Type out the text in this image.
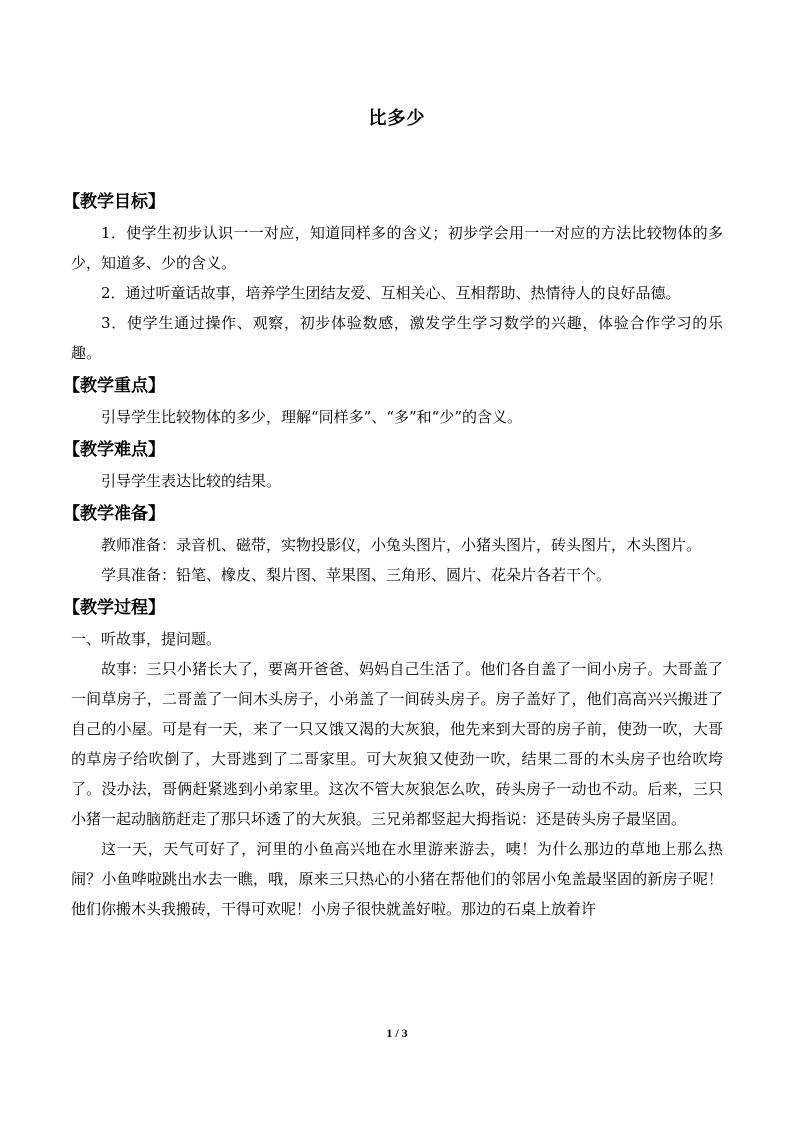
比多少
【教学目标】

1．使学生初步认识一一对应，知道同样多的含义；初步学会用一一对应的方法比较物体的多少，知道多、少的含义。

2．通过听童话故事，培养学生团结友爱、互相关心、互相帮助、热情待人的良好品德。

3．使学生通过操作、观察，初步体验数感，激发学生学习数学的兴趣，体验合作学习的乐趣。

【教学重点】

引导学生比较物体的多少，理解“同样多”、“多”和“少”的含义。

【教学难点】

引导学生表达比较的结果。

【教学准备】

教师准备：录音机、磁带，实物投影仪，小兔头图片，小猪头图片，砖头图片，木头图片。

学具准备：铅笔、橡皮、梨片图、苹果图、三角形、圆片、花朵片各若干个。

【教学过程】

一、听故事，提问题。

故事：三只小猪长大了，要离开爸爸、妈妈自己生活了。他们各自盖了一间小房子。大哥盖了一间草房子，二哥盖了一间木头房子，小弟盖了一间砖头房子。房子盖好了，他们高高兴兴搬进了自己的小屋。可是有一天，来了一只又饿又渴的大灰狼，他先来到大哥的房子前，使劲一吹，大哥的草房子给吹倒了，大哥逃到了二哥家里。可大灰狼又使劲一吹，结果二哥的木头房子也给吹垮了。没办法，哥俩赶紧逃到小弟家里。这次不管大灰狼怎么吹，砖头房子一动也不动。后来，三只小猪一起动脑筋赶走了那只坏透了的大灰狼。三兄弟都竖起大拇指说：还是砖头房子最坚固。

这一天，天气可好了，河里的小鱼高兴地在水里游来游去，咦！为什么那边的草地上那么热闹？小鱼哗啦跳出水去一瞧，哦，原来三只热心的小猪在帮他们的邻居小兔盖最坚固的新房子呢！他们你搬木头我搬砖，干得可欢呢！小房子很快就盖好啦。那边的石桌上放着许

1 / 3
